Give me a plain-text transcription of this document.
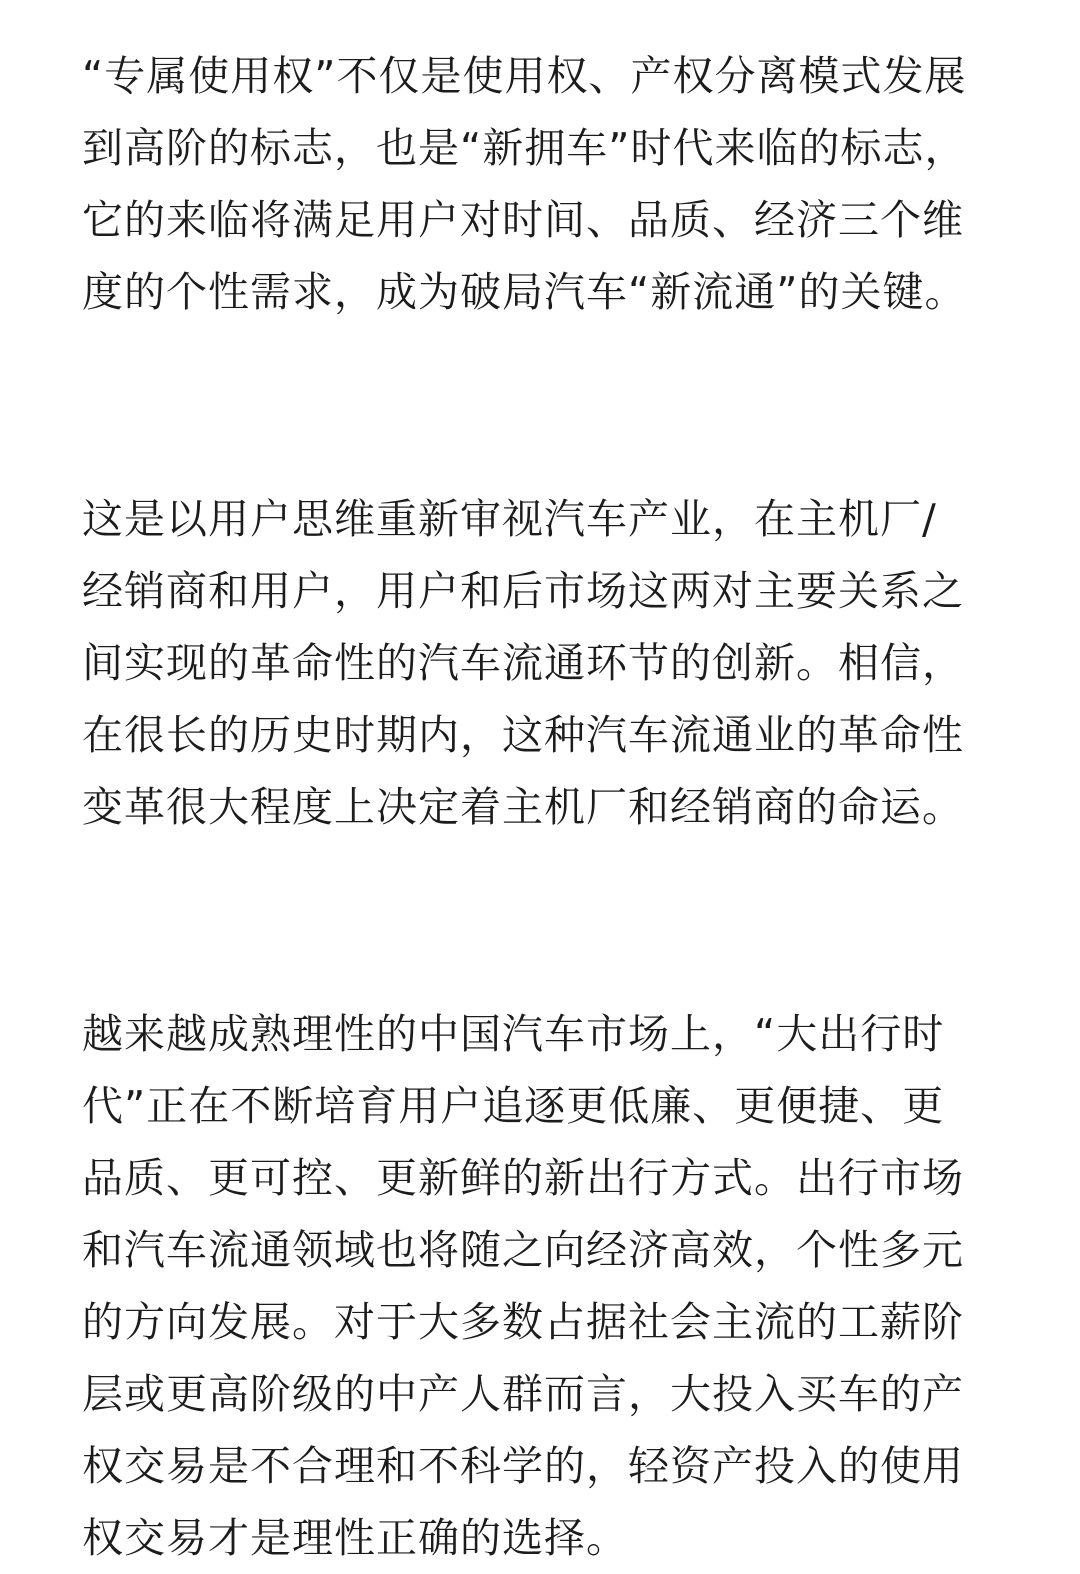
“专属使用权”不仅是使用权、产权分离模式发展
到高阶的标志，也是“新拥车”时代来临的标志，
它的来临将满足用户对时间、品质、经济三个维
度的个性需求，成为破局汽车“新流通”的关键。
这是以用户思维重新审视汽车产业，在主机厂/
经销商和用户，用户和后市场这两对主要关系之
间实现的革命性的汽车流通环节的创新。相信，
在很长的历史时期内，这种汽车流通业的革命性
变革很大程度上决定着主机厂和经销商的命运。
越来越成熟理性的中国汽车市场上，“大出行时
代”正在不断培育用户追逐更低廉、更便捷、更
品质、更可控、更新鲜的新出行方式。出行市场
和汽车流通领域也将随之向经济高效，个性多元
的方向发展。对于大多数占据社会主流的工薪阶
层或更高阶级的中产人群而言，大投入买车的产
权交易是不合理和不科学的，轻资产投入的使用
权交易才是理性正确的选择。
